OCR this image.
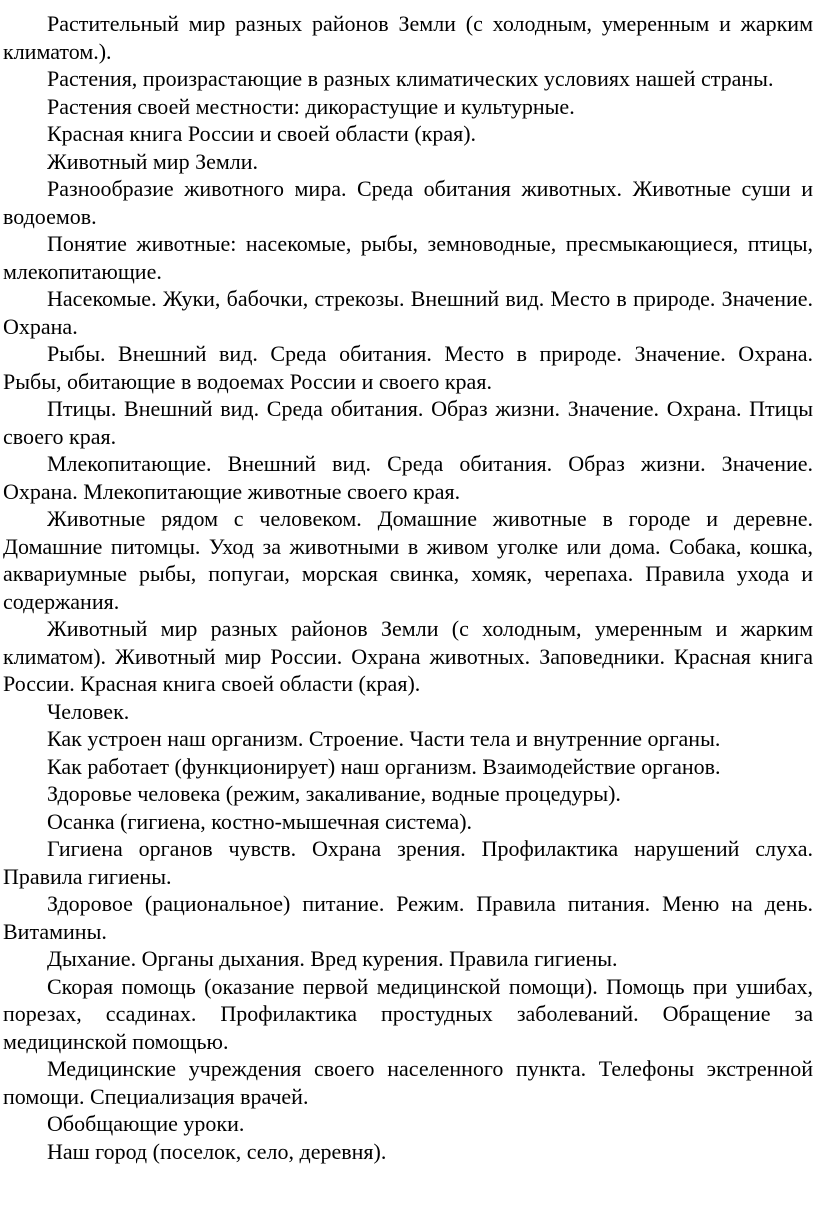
Растительный мир разных районов Земли (с холодным, умеренным и жарким климатом.).

Растения, произрастающие в разных климатических условиях нашей страны.

Растения своей местности: дикорастущие и культурные.

Красная книга России и своей области (края).

Животный мир Земли.

Разнообразие животного мира. Среда обитания животных. Животные суши и водоемов.

Понятие животные: насекомые, рыбы, земноводные, пресмыкающиеся, птицы, млекопитающие.

Насекомые. Жуки, бабочки, стрекозы. Внешний вид. Место в природе. Значение. Охрана.

Рыбы. Внешний вид. Среда обитания. Место в природе. Значение. Охрана. Рыбы, обитающие в водоемах России и своего края.

Птицы. Внешний вид. Среда обитания. Образ жизни. Значение. Охрана. Птицы своего края.

Млекопитающие. Внешний вид. Среда обитания. Образ жизни. Значение. Охрана. Млекопитающие животные своего края.

Животные рядом с человеком. Домашние животные в городе и деревне. Домашние питомцы. Уход за животными в живом уголке или дома. Собака, кошка, аквариумные рыбы, попугаи, морская свинка, хомяк, черепаха. Правила ухода и содержания.

Животный мир разных районов Земли (с холодным, умеренным и жарким климатом). Животный мир России. Охрана животных. Заповедники. Красная книга России. Красная книга своей области (края).

Человек.

Как устроен наш организм. Строение. Части тела и внутренние органы.

Как работает (функционирует) наш организм. Взаимодействие органов.

Здоровье человека (режим, закаливание, водные процедуры).

Осанка (гигиена, костно-мышечная система).

Гигиена органов чувств. Охрана зрения. Профилактика нарушений слуха. Правила гигиены.

Здоровое (рациональное) питание. Режим. Правила питания. Меню на день. Витамины.

Дыхание. Органы дыхания. Вред курения. Правила гигиены.

Скорая помощь (оказание первой медицинской помощи). Помощь при ушибах, порезах, ссадинах. Профилактика простудных заболеваний. Обращение за медицинской помощью.

Медицинские учреждения своего населенного пункта. Телефоны экстренной помощи. Специализация врачей.

Обобщающие уроки.

Наш город (поселок, село, деревня).
